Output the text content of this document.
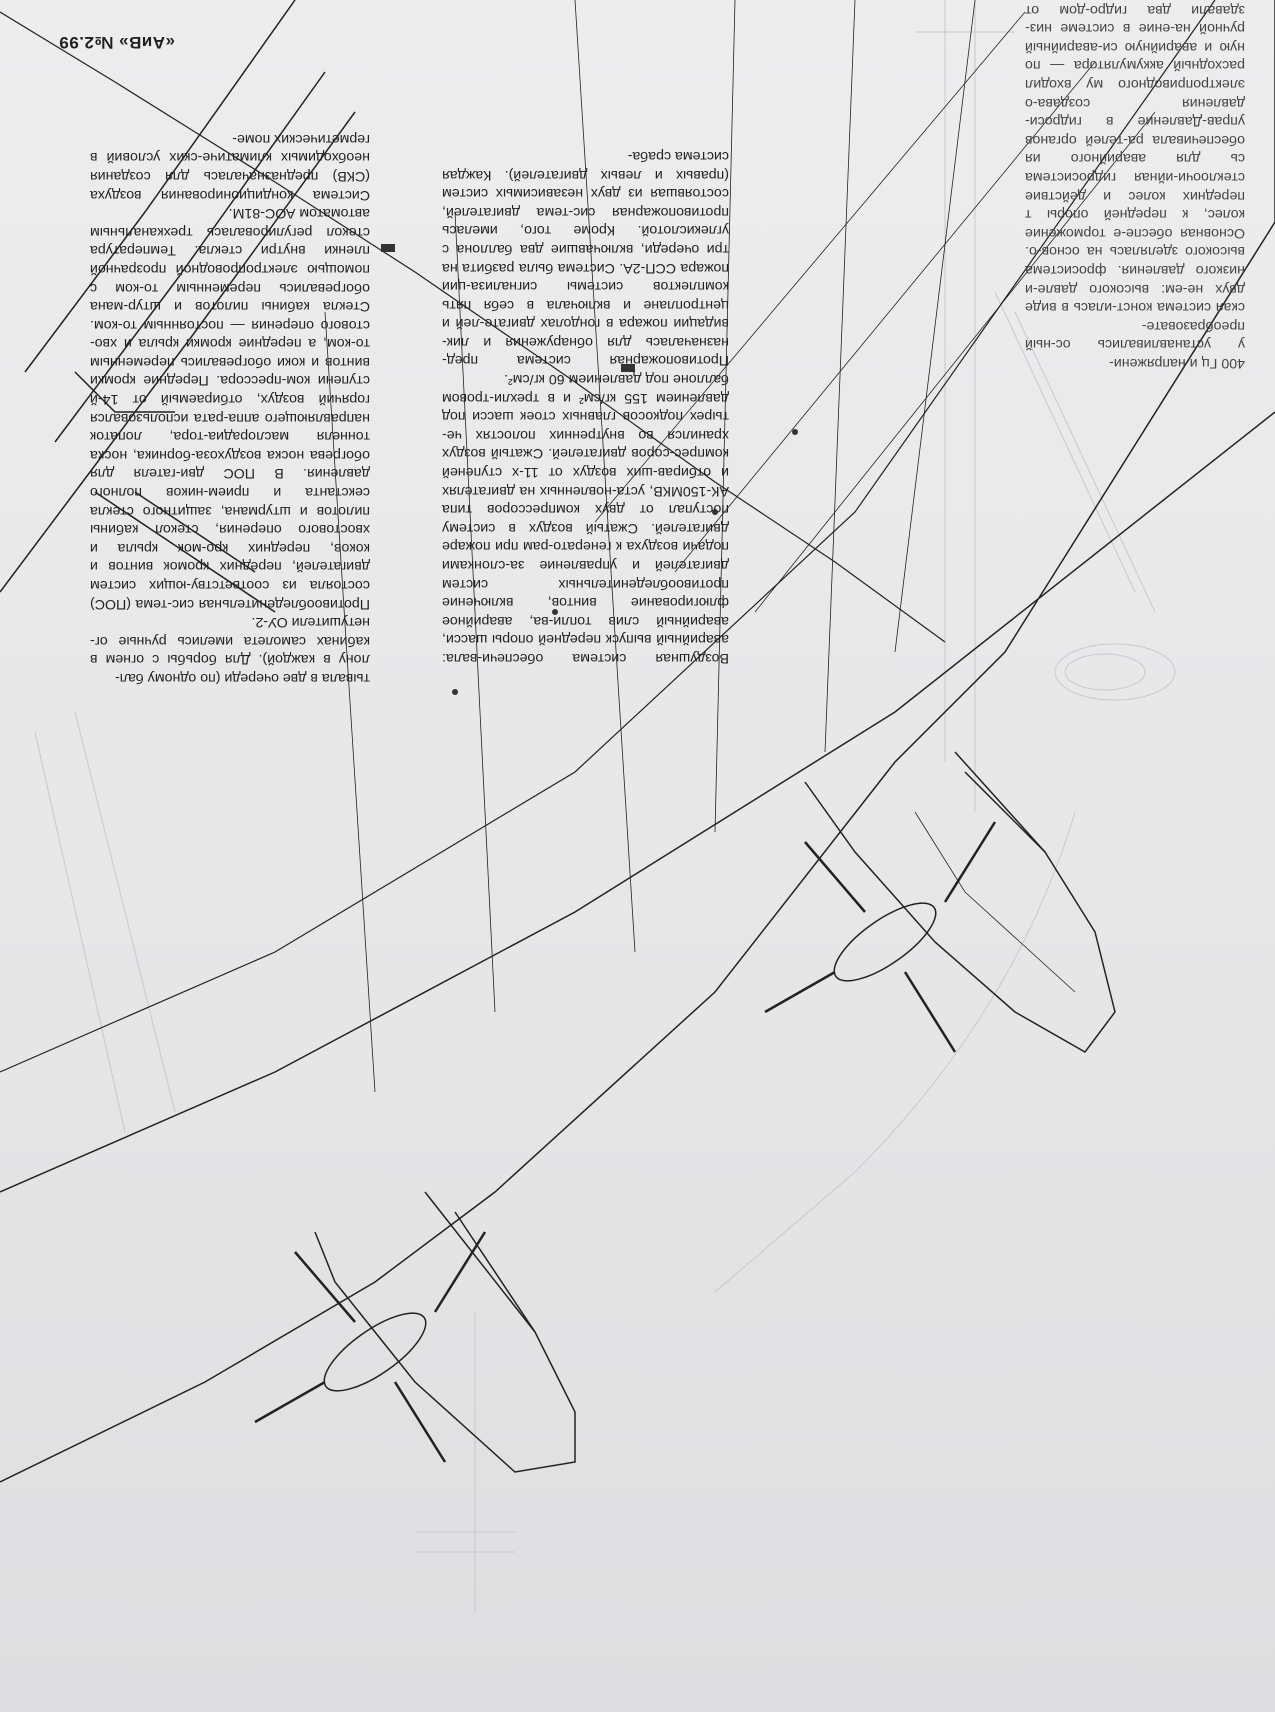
«АиВ» №2.99

тывала в две очереди (по одному бал-

лону в каждой). Для борьбы с огнем в кабинах самолета имелись ручные ог-нетушители ОУ-2.

Противообледенительная сис-тема (ПОС) состояла из соответству-ющих систем двигателей, передних кромок винтов и коков, передних кро-мок крыла и хвостового оперения, стекол кабины пилотов и штурмана, защитного стекла секстанта и прием-ников полного давления. В ПОС дви-гателя для обогрева носка воздухоза-борника, носка тоннеля маслорадиа-тора, лопаток направляющего аппа-рата использовался горячий воздух, отбираемый от 14-й ступени ком-прессора. Передние кромки винтов и коки обогревались переменным то-ком, а передние кромки крыла и хво-стового оперения — постоянным то-ком. Стекла кабины пилотов и штур-мана обогревались переменным то-ком с помощью электропроводной прозрачной пленки внутри стекла. Температура стекол регулировалась трехканальным автоматом АОС-81М.

Система кондиционирования воздуха (СКВ) предназначалась для создания необходимых климатиче-ских условий в герметических поме-

Воздушная система обеспечи-вала: аварийный выпуск передней опоры шасси, аварийный слив топли-ва, аварийное флюгирование винтов, включение противообледенительных систем двигателей и управление за-слонками подачи воздуха к генерато-рам при пожаре двигателей. Сжатый воздух в систему поступал от двух компрессоров типа АК-150МКВ, уста-новленных на двигателях и отбирав-ших воздух от 11-х ступеней компрес-соров двигателей. Сжатый воздух хранился во внутренних полостях че-тырех подкосов главных стоек шасси под давлением 155 кг/см² и в трехли-тровом баллоне под давлением 60 кг/см².

Противопожарная система пред-назначалась для обнаружения и лик-видации пожара в гондолах двигате-лей и центроплане и включала в себя пять комплектов системы сигнализа-ции пожара ССП-2А. Система была разбита на три очереди, включавшие два баллона с углекислотой. Кроме того, имелась противопожарная сис-тема двигателей, состоявшая из двух независимых систем (правых и левых двигателей). Каждая система сраба-

400 Гц и напряжени-

у устанавливались ос-ный преобразовате-

ская система конст-илась в виде двух не-ем: высокого давле-и низкого давления. фросистема высокого зделялась на основ-о. Основная обеспе-е торможение колес, к передней опоры т передних колес и действие стеклоочи-ийная гидросистема сь для аварийного ия обеспечивала ра-телей органов управ-Давление в гидроси-давления создава-о электроприводного му входил расходный аккумулятора — по ную и аварийную си-аварийный ручной на-ение в системе низ-здавали два гидро-дом от
